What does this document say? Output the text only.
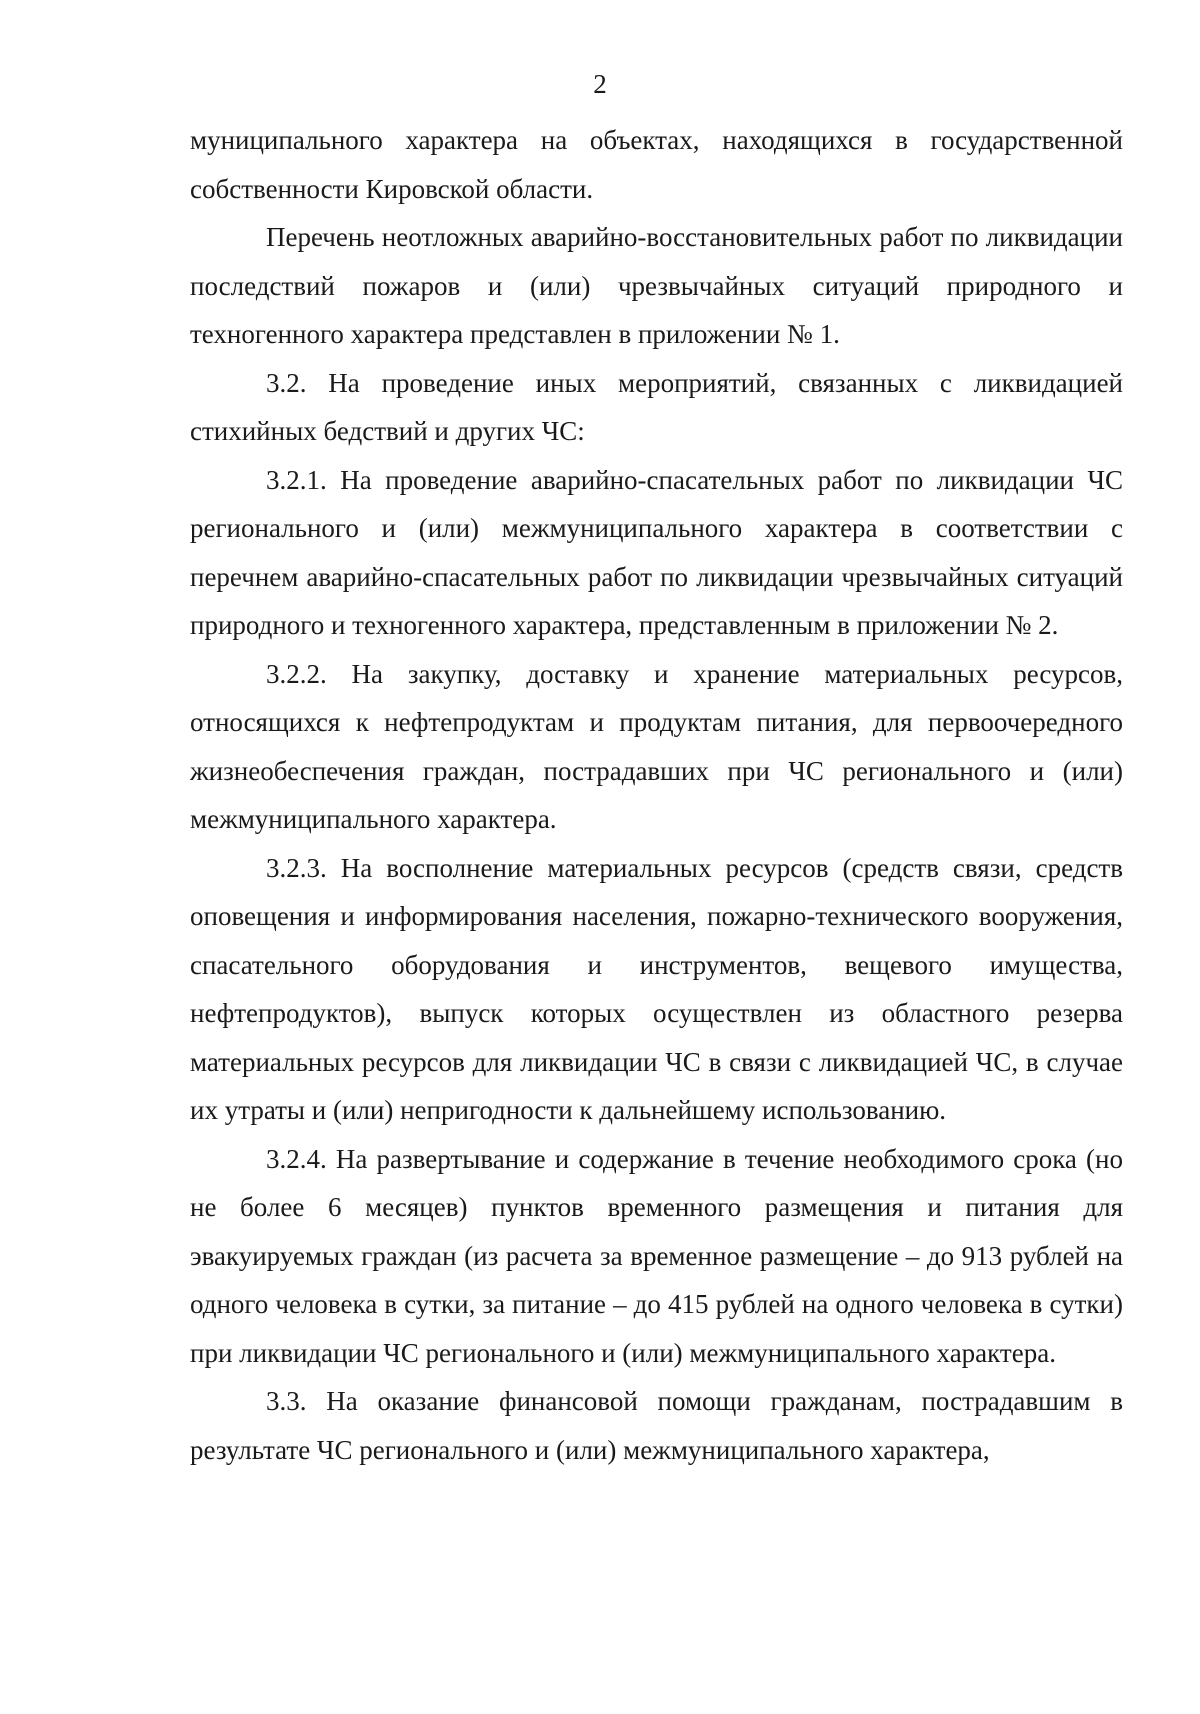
2

муниципального характера на объектах, находящихся в государственной собственности Кировской области.

Перечень неотложных аварийно-восстановительных работ по ликвидации последствий пожаров и (или) чрезвычайных ситуаций природного и техногенного характера представлен в приложении № 1.

3.2. На проведение иных мероприятий, связанных с ликвидацией стихийных бедствий и других ЧС:

3.2.1. На проведение аварийно-спасательных работ по ликвидации ЧС регионального и (или) межмуниципального характера в соответствии с перечнем аварийно-спасательных работ по ликвидации чрезвычайных ситуаций природного и техногенного характера, представленным в приложении № 2.

3.2.2. На закупку, доставку и хранение материальных ресурсов, относящихся к нефтепродуктам и продуктам питания, для первоочередного жизнеобеспечения граждан, пострадавших при ЧС регионального и (или) межмуниципального характера.

3.2.3. На восполнение материальных ресурсов (средств связи, средств оповещения и информирования населения, пожарно-технического вооружения, спасательного оборудования и инструментов, вещевого имущества, нефтепродуктов), выпуск которых осуществлен из областного резерва материальных ресурсов для ликвидации ЧС в связи с ликвидацией ЧС, в случае их утраты и (или) непригодности к дальнейшему использованию.

3.2.4. На развертывание и содержание в течение необходимого срока (но не более 6 месяцев) пунктов временного размещения и питания для эвакуируемых граждан (из расчета за временное размещение – до 913 рублей на одного человека в сутки, за питание – до 415 рублей на одного человека в сутки) при ликвидации ЧС регионального и (или) межмуниципального характера.

3.3. На оказание финансовой помощи гражданам, пострадавшим в результате ЧС регионального и (или) межмуниципального характера,
